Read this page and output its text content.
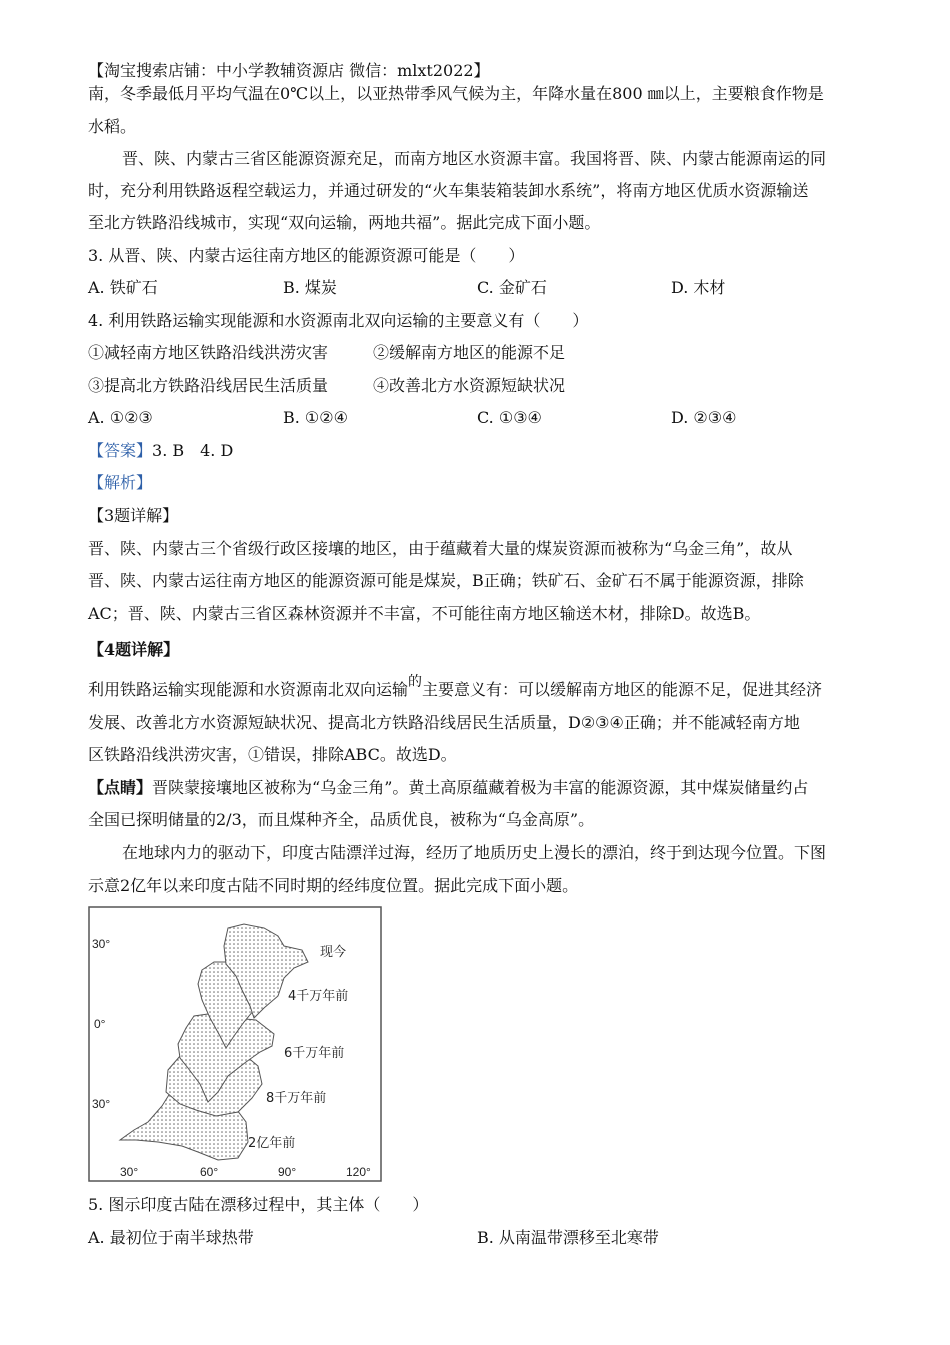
【淘宝搜索店铺：中小学教辅资源店 微信：mlxt2022】
南，冬季最低月平均气温在0℃以上，以亚热带季风气候为主，年降水量在800 ㎜以上，主要粮食作物是
水稻。
晋、陕、内蒙古三省区能源资源充足，而南方地区水资源丰富。我国将晋、陕、内蒙古能源南运的同
时，充分利用铁路返程空载运力，并通过研发的“火车集装箱装卸水系统”，将南方地区优质水资源输送
至北方铁路沿线城市，实现“双向运输，两地共福”。据此完成下面小题。
3. 从晋、陕、内蒙古运往南方地区的能源资源可能是（　　）
A. 铁矿石	B. 煤炭	C. 金矿石	D. 木材
4. 利用铁路运输实现能源和水资源南北双向运输的主要意义有（　　）
①减轻南方地区铁路沿线洪涝灾害	②缓解南方地区的能源不足
③提高北方铁路沿线居民生活质量	④改善北方水资源短缺状况
A. ①②③	B. ①②④	C. ①③④	D. ②③④
【答案】3. B　4. D
【解析】
【3题详解】
晋、陕、内蒙古三个省级行政区接壤的地区，由于蕴藏着大量的煤炭资源而被称为“乌金三角”，故从
晋、陕、内蒙古运往南方地区的能源资源可能是煤炭，B正确；铁矿石、金矿石不属于能源资源，排除
AC；晋、陕、内蒙古三省区森林资源并不丰富，不可能往南方地区输送木材，排除D。故选B。
【4题详解】
利用铁路运输实现能源和水资源南北双向运输的主要意义有：可以缓解南方地区的能源不足，促进其经济
发展、改善北方水资源短缺状况、提高北方铁路沿线居民生活质量，D②③④正确；并不能减轻南方地
区铁路沿线洪涝灾害，①错误，排除ABC。故选D。
【点睛】晋陕蒙接壤地区被称为“乌金三角”。黄土高原蕴藏着极为丰富的能源资源，其中煤炭储量约占
全国已探明储量的2/3，而且煤种齐全，品质优良，被称为“乌金高原”。
在地球内力的驱动下，印度古陆漂洋过海，经历了地质历史上漫长的漂泊，终于到达现今位置。下图
示意2亿年以来印度古陆不同时期的经纬度位置。据此完成下面小题。
30°
0°
30°
30°	60°	90°	120°
现今
4千万年前
6千万年前
8千万年前
2亿年前
5. 图示印度古陆在漂移过程中，其主体（　　）
A. 最初位于南半球热带	B. 从南温带漂移至北寒带
